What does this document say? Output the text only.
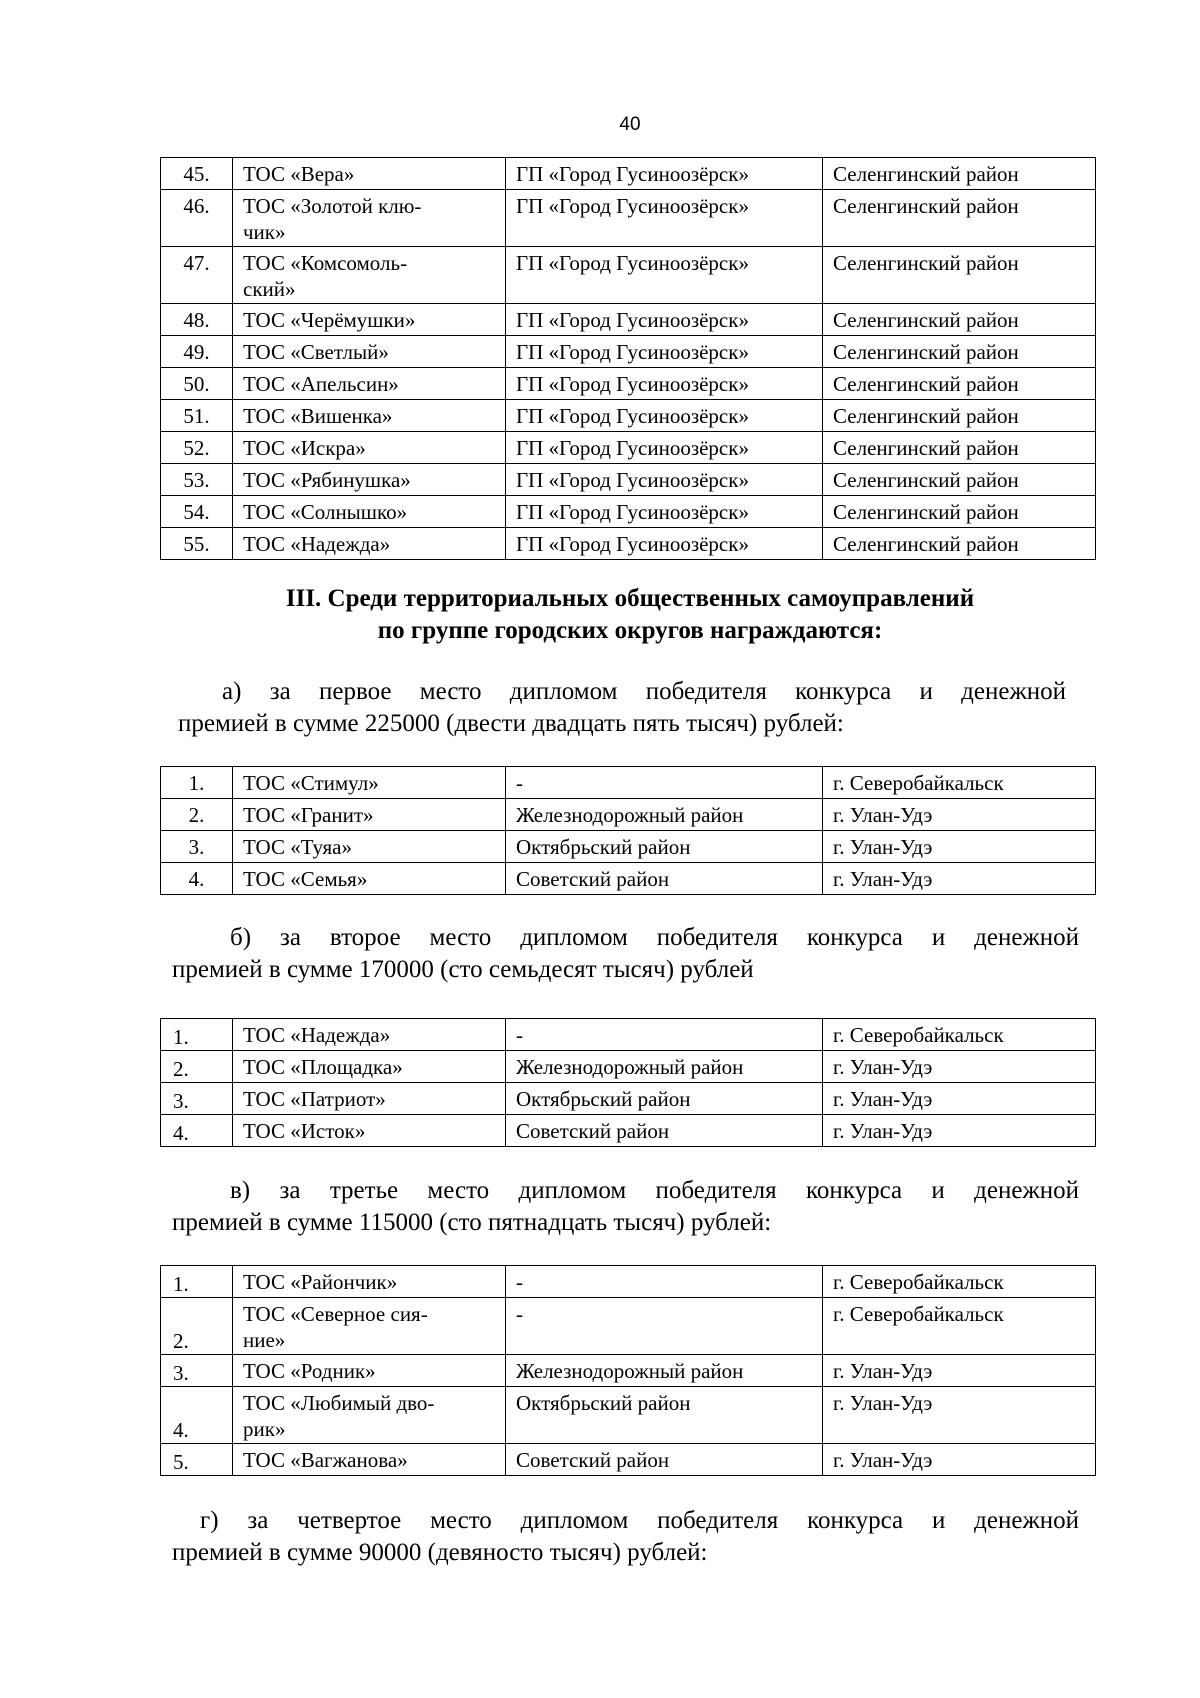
40
45.	ТОС «Вера»	ГП «Город Гусиноозёрск»	Селенгинский район
46.	ТОС «Золотой клю-
чик»	ГП «Город Гусиноозёрск»	Селенгинский район
47.	ТОС «Комсомоль-
ский»	ГП «Город Гусиноозёрск»	Селенгинский район
48.	ТОС «Черёмушки»	ГП «Город Гусиноозёрск»	Селенгинский район
49.	ТОС «Светлый»	ГП «Город Гусиноозёрск»	Селенгинский район
50.	ТОС «Апельсин»	ГП «Город Гусиноозёрск»	Селенгинский район
51.	ТОС «Вишенка»	ГП «Город Гусиноозёрск»	Селенгинский район
52.	ТОС «Искра»	ГП «Город Гусиноозёрск»	Селенгинский район
53.	ТОС «Рябинушка»	ГП «Город Гусиноозёрск»	Селенгинский район
54.	ТОС «Солнышко»	ГП «Город Гусиноозёрск»	Селенгинский район
55.	ТОС «Надежда»	ГП «Город Гусиноозёрск»	Селенгинский район
III. Среди территориальных общественных самоуправлений
по группе городских округов награждаются:
а) за первое место дипломом победителя конкурса и денежной
премией в сумме 225000 (двести двадцать пять тысяч) рублей:
1.	ТОС «Стимул»	-	г. Северобайкальск
2.	ТОС «Гранит»	Железнодорожный район	г. Улан-Удэ
3.	ТОС «Туяа»	Октябрьский район	г. Улан-Удэ
4.	ТОС «Семья»	Советский район	г. Улан-Удэ
б) за второе место дипломом победителя конкурса и денежной
премией в сумме 170000 (сто семьдесят тысяч) рублей
1.	ТОС «Надежда»	-	г. Северобайкальск
2.	ТОС «Площадка»	Железнодорожный район	г. Улан-Удэ
3.	ТОС «Патриот»	Октябрьский район	г. Улан-Удэ
4.	ТОС «Исток»	Советский район	г. Улан-Удэ
в) за третье место дипломом победителя конкурса и денежной
премией в сумме 115000 (сто пятнадцать тысяч) рублей:
1.	ТОС «Райончик»	-	г. Северобайкальск
2.	ТОС «Северное сия-
ние»	-	г. Северобайкальск
3.	ТОС «Родник»	Железнодорожный район	г. Улан-Удэ
4.	ТОС «Любимый дво-
рик»	Октябрьский район	г. Улан-Удэ
5.	ТОС «Вагжанова»	Советский район	г. Улан-Удэ
г) за четвертое место дипломом победителя конкурса и денежной
премией в сумме 90000 (девяносто тысяч) рублей:
